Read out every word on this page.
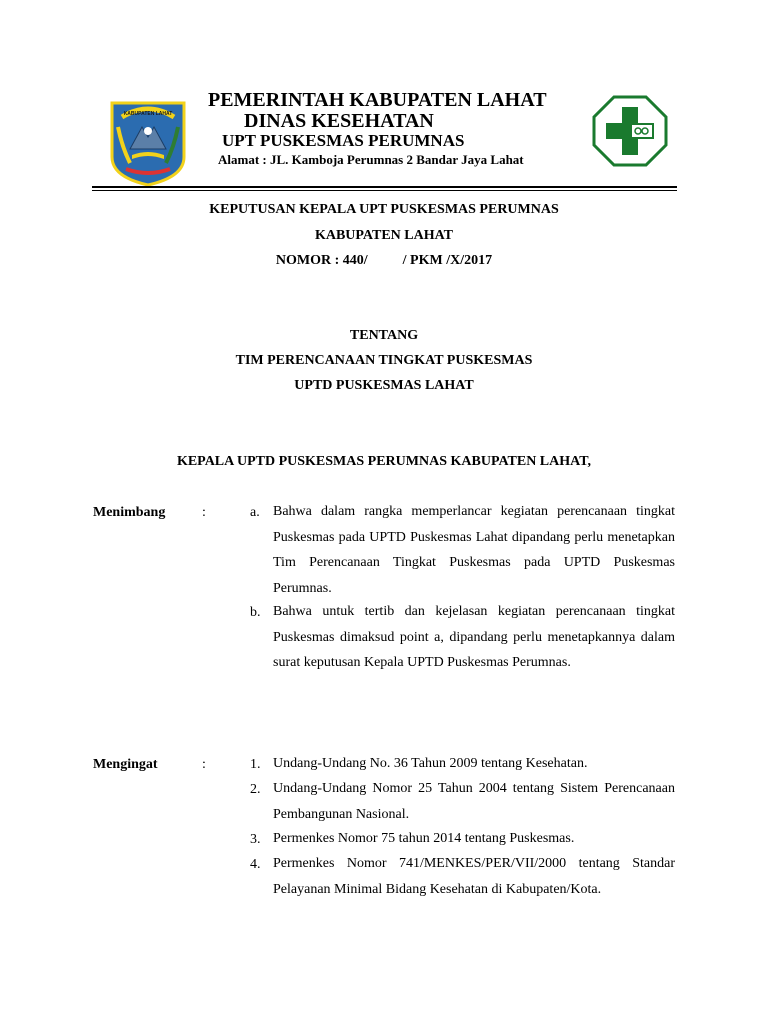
KABUPATEN LAHAT
PEMERINTAH KABUPATEN LAHAT
DINAS KESEHATAN
UPT PUSKESMAS PERUMNAS
Alamat : JL. Kamboja Perumnas 2 Bandar Jaya Lahat
KEPUTUSAN KEPALA UPT PUSKESMAS PERUMNAS
KABUPATEN LAHAT
NOMOR : 440/          / PKM /X/2017
TENTANG
TIM PERENCANAAN TINGKAT PUSKESMAS
UPTD PUSKESMAS LAHAT
KEPALA UPTD PUSKESMAS PERUMNAS KABUPATEN LAHAT,
Menimbang	:	a. Bahwa dalam rangka memperlancar kegiatan perencanaan tingkat Puskesmas pada UPTD Puskesmas Lahat dipandang perlu menetapkan Tim Perencanaan Tingkat Puskesmas pada UPTD Puskesmas Perumnas.
b. Bahwa untuk tertib dan kejelasan kegiatan perencanaan tingkat Puskesmas dimaksud point a, dipandang perlu menetapkannya dalam surat keputusan Kepala UPTD Puskesmas Perumnas.
Mengingat	:	1. Undang-Undang No. 36 Tahun 2009 tentang Kesehatan.
2. Undang-Undang Nomor 25 Tahun 2004 tentang Sistem Perencanaan Pembangunan Nasional.
3. Permenkes Nomor 75 tahun 2014 tentang Puskesmas.
4. Permenkes Nomor 741/MENKES/PER/VII/2000 tentang Standar Pelayanan Minimal Bidang Kesehatan di Kabupaten/Kota.
